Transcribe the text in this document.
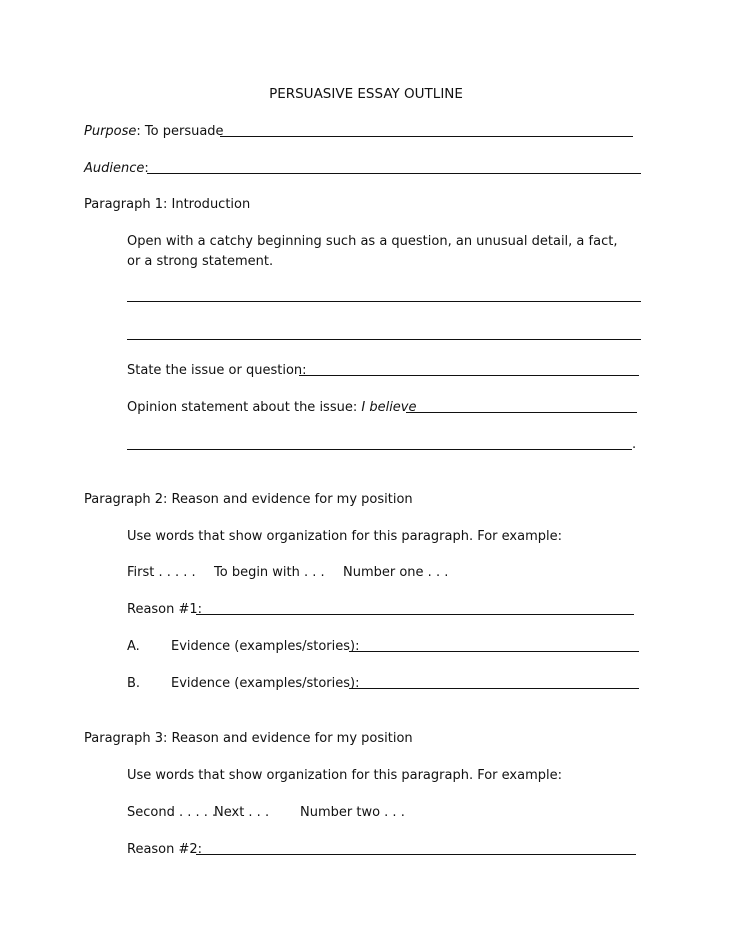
PERSUASIVE ESSAY OUTLINE
Purpose: To persuade
Audience:
Paragraph 1: Introduction
Open with a catchy beginning such as a question, an unusual detail, a fact, or a strong statement.
State the issue or question:
Opinion statement about the issue: I believe
.
Paragraph 2: Reason and evidence for my position
Use words that show organization for this paragraph. For example:
First . . . . . To begin with . . . Number one . . .
Reason #1:
A. Evidence (examples/stories):
B. Evidence (examples/stories):
Paragraph 3: Reason and evidence for my position
Use words that show organization for this paragraph. For example:
Second . . . . .
Next . . . Number two . . .
Reason #2:
